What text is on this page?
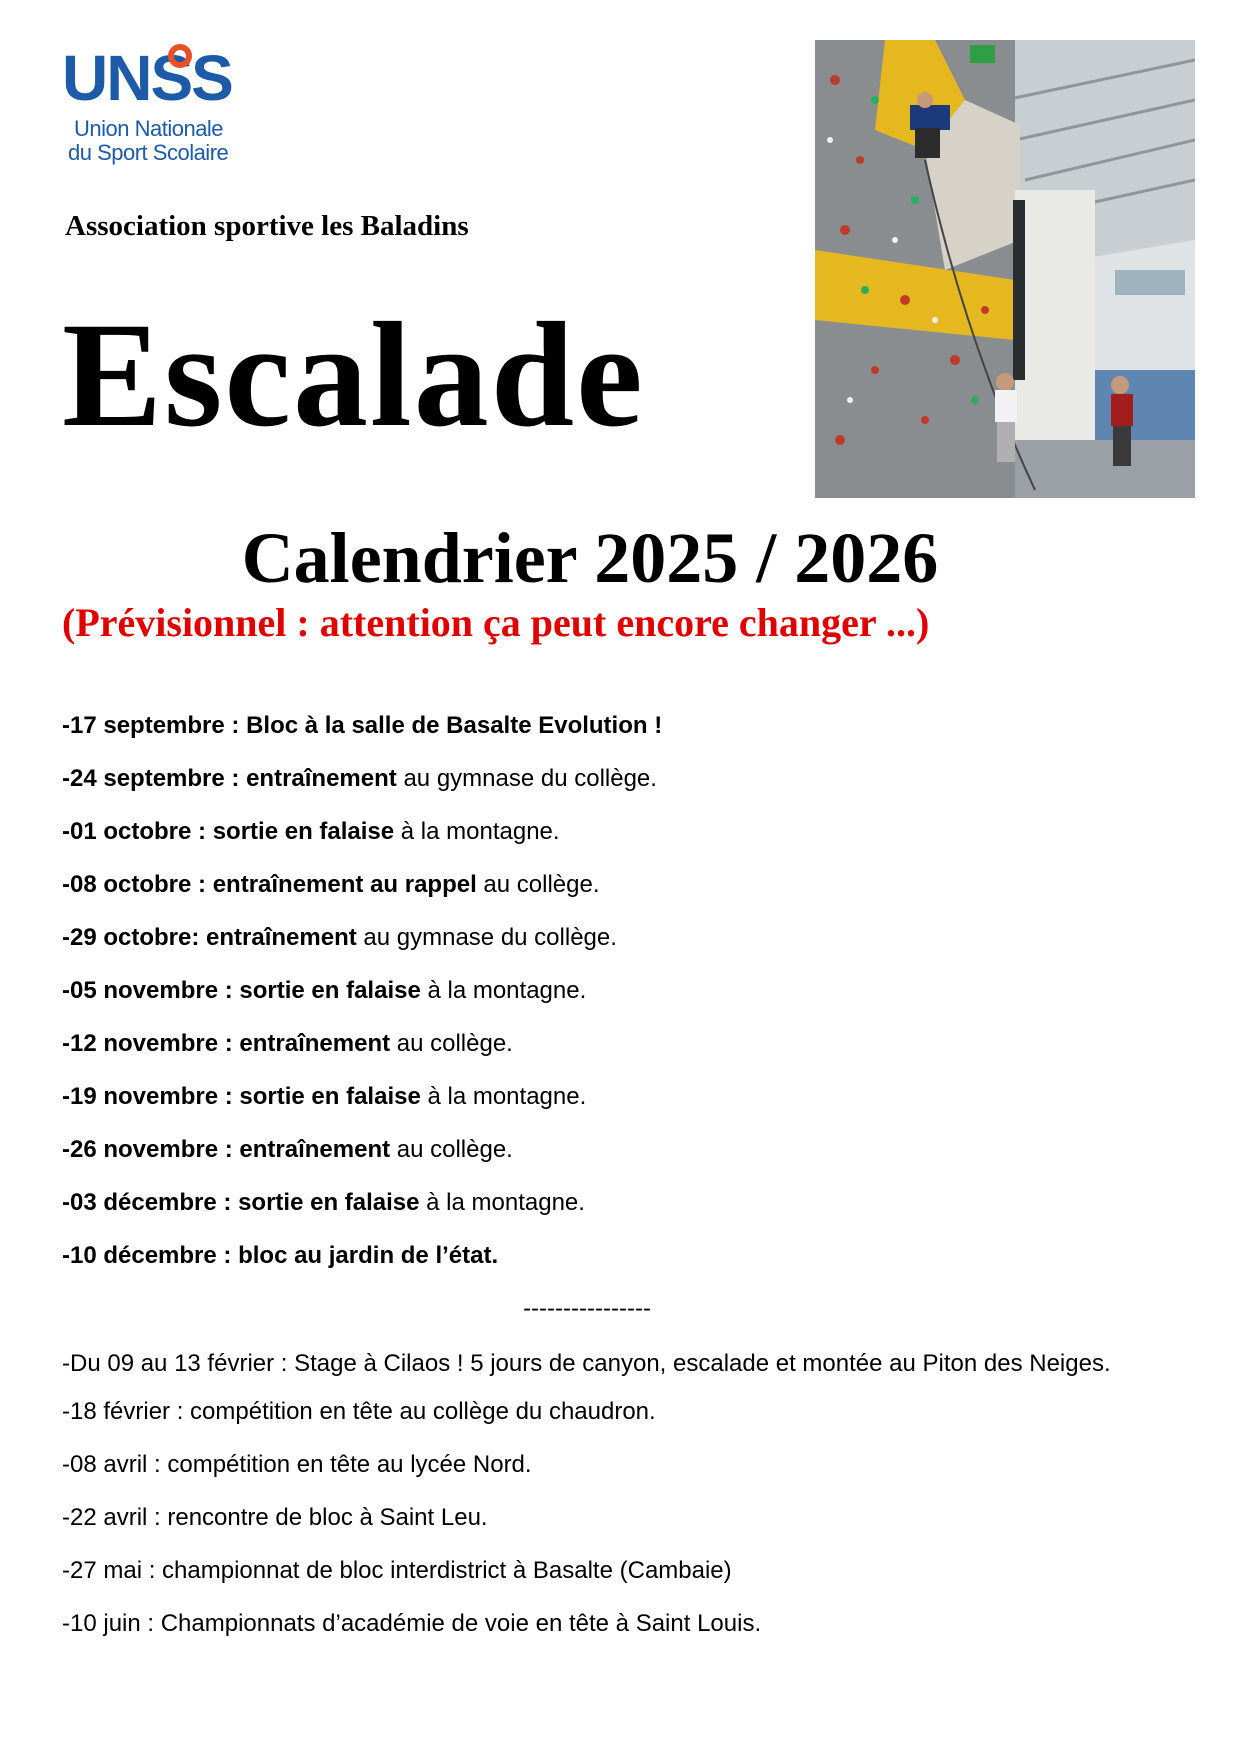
UNSS
Union Nationale
du Sport Scolaire
Association sportive les Baladins
Escalade
Calendrier 2025 / 2026
(Prévisionnel : attention ça peut encore changer ...)
-17 septembre : Bloc à la salle de Basalte Evolution !
-24 septembre : entraînement au gymnase du collège.
-01 octobre : sortie en falaise à la montagne.
-08 octobre : entraînement au rappel au collège.
-29 octobre: entraînement au gymnase du collège.
-05 novembre : sortie en falaise à la montagne.
-12 novembre : entraînement au collège.
-19 novembre : sortie en falaise à la montagne.
-26 novembre : entraînement au collège.
-03 décembre : sortie en falaise à la montagne.
-10 décembre : bloc au jardin de l’état.
----------------
-Du 09 au 13 février : Stage à Cilaos ! 5 jours de canyon, escalade et montée au Piton des Neiges.
-18 février : compétition en tête au collège du chaudron.
-08 avril : compétition en tête au lycée Nord.
-22 avril : rencontre de bloc à Saint Leu.
-27 mai : championnat de bloc interdistrict à Basalte (Cambaie)
-10 juin : Championnats d’académie de voie en tête à Saint Louis.
